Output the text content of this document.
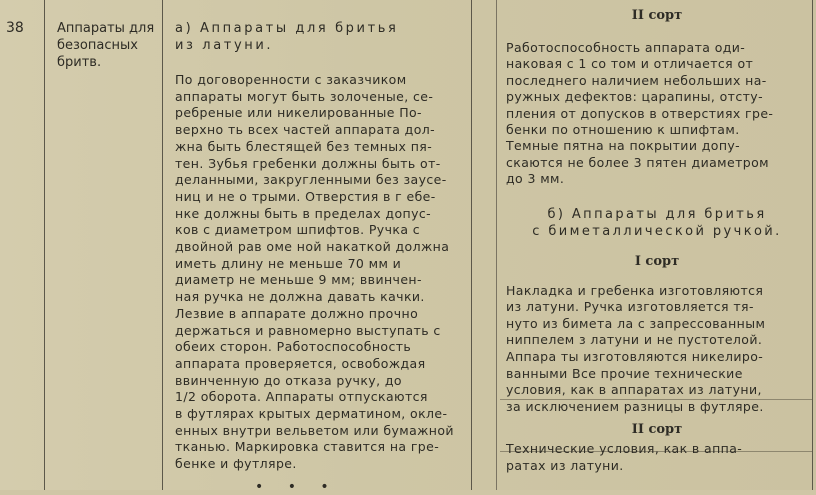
38	Аппараты для
безопасных
бритв.

а) Аппараты для бритья
из латуни.

По договоренности с заказчиком
аппараты могут быть золоченые, се-
ребреные или никелированные По-
верхно ть всех частей аппарата дол-
жна быть блестящей без темных пя-
тен. Зубья гребенки должны быть от-
деланными, закругленными без заусе-
ниц и не о трыми. Отверстия в г ебе-
нке должны быть в пределах допус-
ков с диаметром шпифтов. Ручка с
двойной рав оме ной накаткой должна
иметь длину не меньше 70 мм и
диаметр не меньше 9 мм; ввинчен-
ная ручка не должна давать качки.
Лезвие в аппарате должно прочно
держаться и равномерно выступать с
обеих сторон. Работоспособность
аппарата проверяется, освобождая
ввинченную до отказа ручку, до
1/2 оборота. Аппараты отпускаются
в футлярах крытых дерматином, окле-
енных внутри вельветом или бумажной
тканью. Маркировка ставится на гре-
бенке и футляре.

• • •

II сорт

Работоспособность аппарата оди-
наковая с 1 со том и отличается от
последнего наличием небольших на-
ружных дефектов: царапины, отсту-
пления от допусков в отверстиях гре-
бенки по отношению к шпифтам.
Темные пятна на покрытии допу-
скаются не более 3 пятен диаметром
до 3 мм.

б) Аппараты для бритья
с биметаллической ручкой.

I сорт

Накладка и гребенка изготовляются
из латуни. Ручка изготовляется тя-
нуто из бимета ла с запрессованным
ниппелем з латуни и не пустотелой.
Аппара ты изготовляются никелиро-
ванными Все прочие технические
условия, как в аппаратах из латуни,
за исключением разницы в футляре.

II сорт

Технические условия, как в аппа-
ратах из латуни.
